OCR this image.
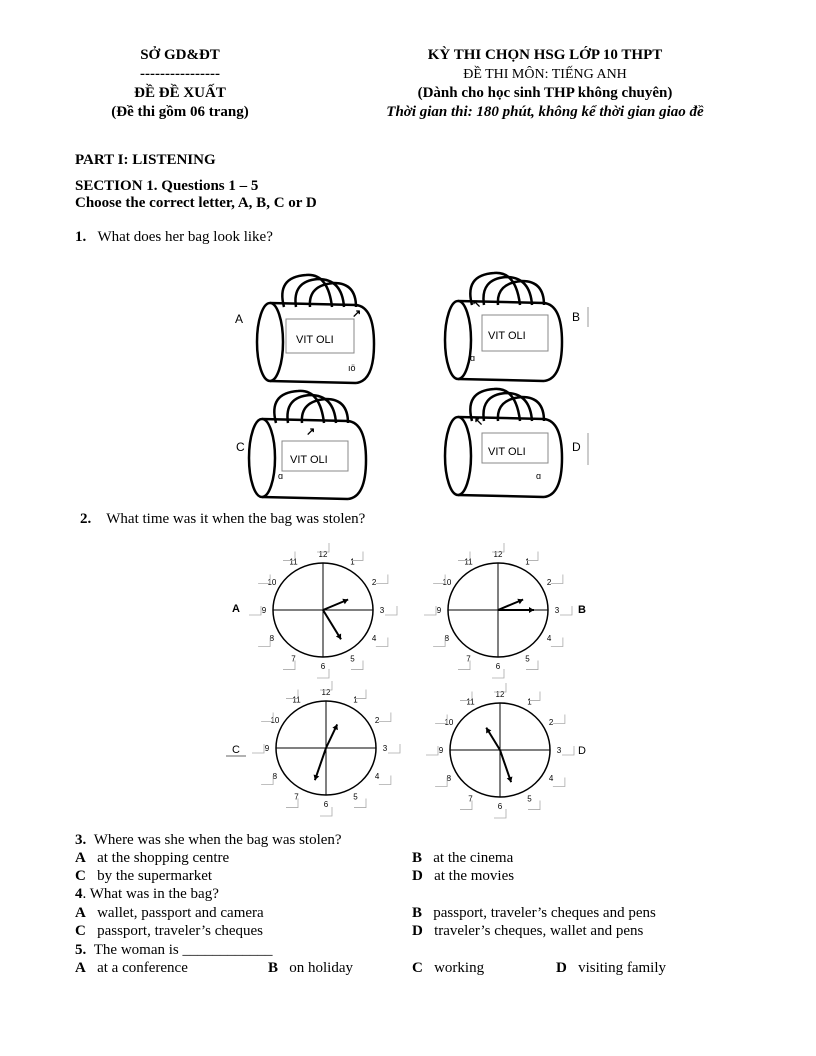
SỞ GD&ĐT
----------------
ĐỀ ĐỀ XUẤT
(Đề thi gồm 06 trang)
KỲ THI CHỌN HSG LỚP 10 THPT
ĐỀ THI MÔN: TIẾNG ANH
(Dành cho học sinh THP không chuyên)
Thời gian thi: 180 phút, không kể thời gian giao đề
PART I: LISTENING
SECTION 1. Questions 1 – 5
Choose the correct letter, A, B, C or D
1. What does her bag look like?
VIT OLI
↗
ıö
A
VIT OLI
↖
ɑ
B
VIT OLI
↗
ɑ
C	VIT OLI
↖
ɑ
D
2. What time was it when the bag was stolen?
A	B
C	D
12
1
2
3
4
5
6
7
8
9
10
11
12
1
2
3
4
5
6
7
8
9
10
11
12
1
2
3
4
5
6
7
8
9
10
11
12
1
2
3
4
5
6
7
8
9
10
11
3. Where was she when the bag was stolen?
A at the shopping centre	B at the cinema
C by the supermarket	D at the movies
4. What was in the bag?
A wallet, passport and camera	B passport, traveler’s cheques and pens
C passport, traveler’s cheques	D traveler’s cheques, wallet and pens
5. The woman is ____________
A at a conference	B on holiday	C working	D visiting family
